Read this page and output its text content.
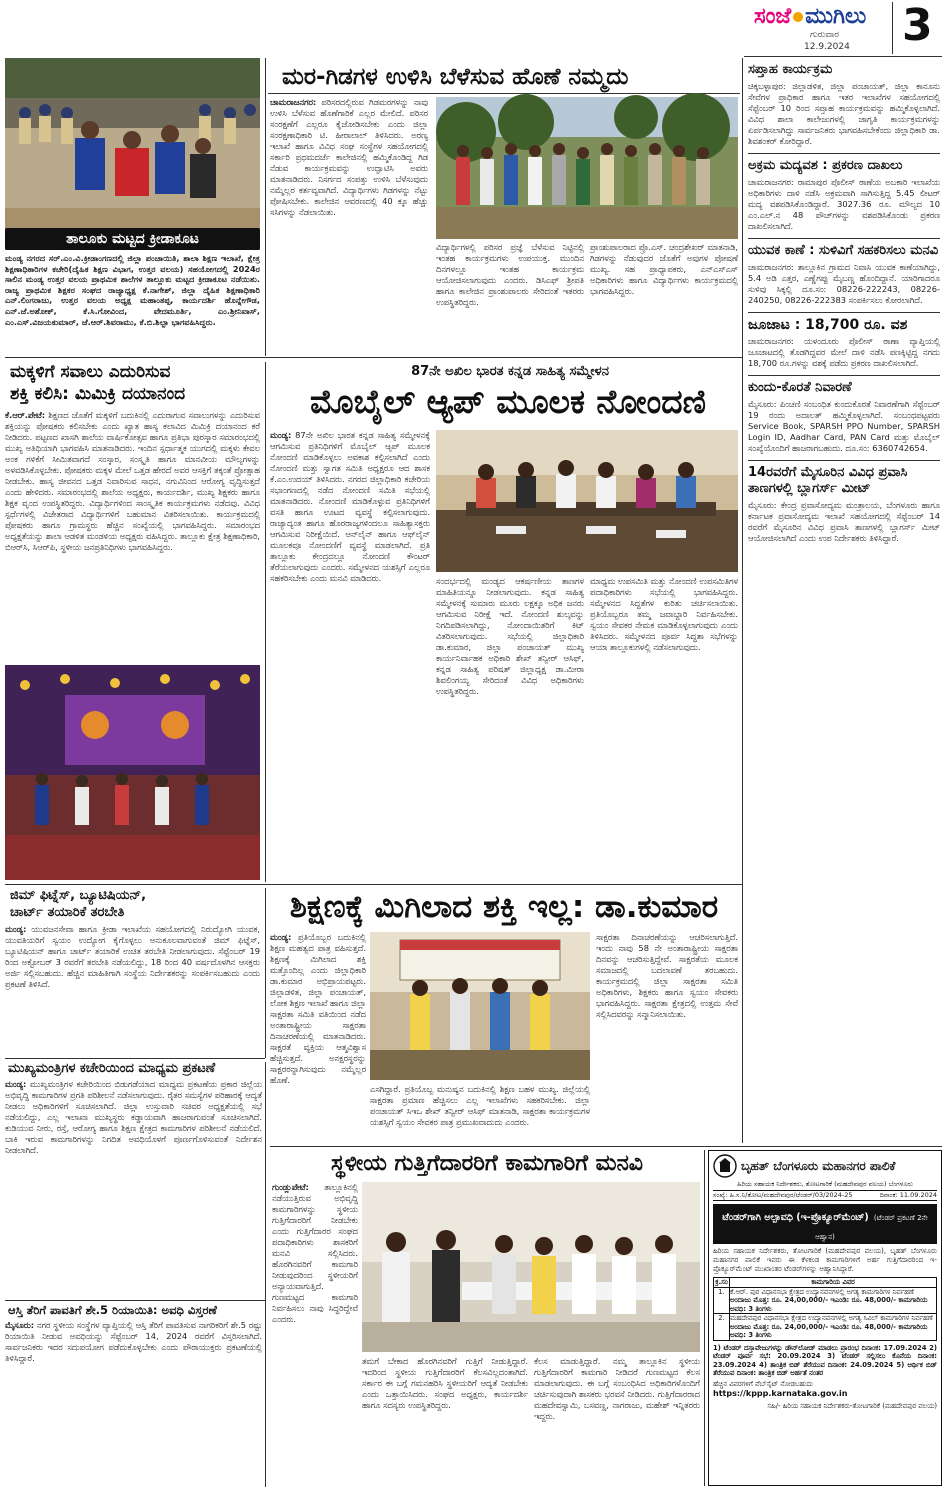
ಸಂಜೆ ಮುಗಿಲು
ಗುರುವಾರ
12.9.2024 3
ತಾಲೂಕು ಮಟ್ಟದ ಕ್ರೀಡಾಕೂಟ
ಮಂಡ್ಯ ನಗರದ ಸರ್.ಎಂ.ವಿ.ಕ್ರೀಡಾಂಗಣದಲ್ಲಿ ಜಿಲ್ಲಾ ಪಂಚಾಯಿತಿ, ಶಾಲಾ ಶಿಕ್ಷಣ ಇಲಾಖೆ, ಕ್ಷೇತ್ರ ಶಿಕ್ಷಣಾಧಿಕಾರಿಗಳ ಕಚೇರಿ(ದೈಹಿಕ ಶಿಕ್ಷಣ ವಿಭಾಗ, ಉತ್ತರ ವಲಯ) ಸಹಯೋಗದಲ್ಲಿ 2024ರ ಸಾಲಿನ ಮಂಡ್ಯ ಉತ್ತರ ವಲಯ ಪ್ರಾಥಮಿಕ ಶಾಲೆಗಳ ತಾಲ್ಲೂಕು ಮಟ್ಟದ ಕ್ರೀಡಾಕೂಟ ನಡೆಯಿತು. ರಾಜ್ಯ ಪ್ರಾಥಮಿಕ ಶಿಕ್ಷಕರ ಸಂಘದ ರಾಜ್ಯಾಧ್ಯಕ್ಷ ಕೆ.ನಾಗೇಶ್, ಜಿಲ್ಲಾ ದೈಹಿಕ ಶಿಕ್ಷಣಾಧಿಕಾರಿ ಎನ್.ಲಿಂಗರಾಜು, ಉತ್ತರ ವಲಯ ಅಧ್ಯಕ್ಷ ಮಹಾಂತಪ್ಪ, ಕಾರ್ಯದರ್ಶಿ ಹೊನ್ನೇಗೌಡ, ಎನ್.ಜೆ.ಅಶೋಕ್, ಕೆ.ಸಿ.ಗೋವಿಂದ, ವೇದಮೂರ್ತಿ, ಎಂ.ಶ್ರೀನಿವಾಸ್, ಎಂ.ಎಸ್.ವಿಜಯಕುಮಾರ್, ಜೆ.ಆರ್.ಶಿವರಾಮು, ಕೆ.ಬಿ.ಶಿಲ್ಪಾ ಭಾಗವಹಿಸಿದ್ದರು.
ಮರ-ಗಿಡಗಳ ಉಳಿಸಿ ಬೆಳೆಸುವ ಹೊಣೆ ನಮ್ಮದು
ಚಾಮರಾಜನಗರ: ಪರಿಸರದಲ್ಲಿರುವ ಗಿಡಮರಗಳನ್ನು ನಾವು ಉಳಿಸಿ ಬೆಳೆಸುವ ಹೊಣೆಗಾರಿಕೆ ಎಲ್ಲರ ಮೇಲಿದೆ. ಪರಿಸರ ಸಂರಕ್ಷಣೆಗೆ ಎಲ್ಲರೂ ಕೈಜೋಡಿಸಬೇಕು ಎಂದು ಜಿಲ್ಲಾ ಸಂರಕ್ಷಣಾಧಿಕಾರಿ ಟಿ. ಹೀರಾಲಾಲ್ ತಿಳಿಸಿದರು. ಅರಣ್ಯ ಇಲಾಖೆ ಹಾಗೂ ವಿವಿಧ ಸಂಘ ಸಂಸ್ಥೆಗಳ ಸಹಯೋಗದಲ್ಲಿ ಸರ್ಕಾರಿ ಪ್ರಥಮದರ್ಜೆ ಕಾಲೇಜಿನಲ್ಲಿ ಹಮ್ಮಿಕೊಂಡಿದ್ದ ಗಿಡ ನೆಡುವ ಕಾರ್ಯಕ್ರಮವನ್ನು ಉದ್ಘಾಟಿಸಿ ಅವರು ಮಾತನಾಡಿದರು. ನಿಸರ್ಗದ ಸಂಪತ್ತು ಉಳಿಸಿ ಬೆಳೆಸುವುದು ನಮ್ಮೆಲ್ಲರ ಕರ್ತವ್ಯವಾಗಿದೆ. ವಿದ್ಯಾರ್ಥಿಗಳು ಗಿಡಗಳನ್ನು ನೆಟ್ಟು ಪೋಷಿಸಬೇಕು. ಕಾಲೇಜಿನ ಆವರಣದಲ್ಲಿ 40 ಕ್ಕೂ ಹೆಚ್ಚು ಸಸಿಗಳನ್ನು ನೆಡಲಾಯಿತು.
ವಿದ್ಯಾರ್ಥಿಗಳಲ್ಲಿ ಪರಿಸರ ಪ್ರಜ್ಞೆ ಬೆಳೆಸುವ ನಿಟ್ಟಿನಲ್ಲಿ ಇಂತಹ ಕಾರ್ಯಕ್ರಮಗಳು ಉಪಯುಕ್ತ. ಮುಂದಿನ ದಿನಗಳಲ್ಲೂ ಇಂತಹ ಕಾರ್ಯಕ್ರಮ ಆಯೋಜಿಸಲಾಗುವುದು ಎಂದರು. ಡಿಸಿಎಫ್ ಶ್ರೀಪತಿ ಹಾಗೂ ಕಾಲೇಜಿನ ಪ್ರಾಂಶುಪಾಲರು ಸೇರಿದಂತೆ ಇತರರು ಉಪಸ್ಥಿತರಿದ್ದರು.
ಪ್ರಾಂಶುಪಾಲರಾದ ಪ್ರೊ.ಎಸ್. ಚಂದ್ರಶೇಖರ್ ಮಾತನಾಡಿ, ಗಿಡಗಳನ್ನು ನೆಡುವುದರ ಜೊತೆಗೆ ಅವುಗಳ ಪೋಷಣೆ ಮುಖ್ಯ. ಸಹ ಪ್ರಾಧ್ಯಾಪಕರು, ಎನ್ಎಸ್ಎಸ್ ಅಧಿಕಾರಿಗಳು ಹಾಗೂ ವಿದ್ಯಾರ್ಥಿಗಳು ಕಾರ್ಯಕ್ರಮದಲ್ಲಿ ಭಾಗವಹಿಸಿದ್ದರು.
ಸಪ್ತಾಹ ಕಾರ್ಯಕ್ರಮ
ಚಿಕ್ಕಬಳ್ಳಾಪುರ: ಜಿಲ್ಲಾಡಳಿತ, ಜಿಲ್ಲಾ ಪಂಚಾಯತ್, ಜಿಲ್ಲಾ ಕಾನೂನು ಸೇವೆಗಳ ಪ್ರಾಧಿಕಾರ ಹಾಗೂ ಇತರ ಇಲಾಖೆಗಳ ಸಹಯೋಗದಲ್ಲಿ ಸೆಪ್ಟೆಂಬರ್ 10 ರಿಂದ ಸಪ್ತಾಹ ಕಾರ್ಯಕ್ರಮವನ್ನು ಹಮ್ಮಿಕೊಳ್ಳಲಾಗಿದೆ. ವಿವಿಧ ಶಾಲಾ ಕಾಲೇಜುಗಳಲ್ಲಿ ಜಾಗೃತಿ ಕಾರ್ಯಕ್ರಮಗಳನ್ನು ಏರ್ಪಡಿಸಲಾಗಿದ್ದು ಸಾರ್ವಜನಿಕರು ಭಾಗವಹಿಸಬೇಕೆಂದು ಜಿಲ್ಲಾಧಿಕಾರಿ ಡಾ. ಶಿವಶಂಕರ್ ಕೋರಿದ್ದಾರೆ.
ಅಕ್ರಮ ಮದ್ಯವಶ : ಪ್ರಕರಣ ದಾಖಲು
ಚಾಮರಾಜನಗರ: ರಾಮಾಪುರ ಪೊಲೀಸ್ ಠಾಣೆಯ ಅಬಕಾರಿ ಇಲಾಖೆಯ ಅಧಿಕಾರಿಗಳು ದಾಳಿ ನಡೆಸಿ ಅಕ್ರಮವಾಗಿ ಸಾಗಿಸುತ್ತಿದ್ದ 5.45 ಲೀಟರ್ ಮದ್ಯ ವಶಪಡಿಸಿಕೊಂಡಿದ್ದಾರೆ. 3027.36 ರೂ. ಮೌಲ್ಯದ 10 ಎಂ.ಎಲ್.ನ 48 ಪೌಚ್‌ಗಳನ್ನು ವಶಪಡಿಸಿಕೊಂಡು ಪ್ರಕರಣ ದಾಖಲಿಸಲಾಗಿದೆ.
ಯುವಕ ಕಾಣೆ : ಸುಳಿವಿಗೆ ಸಹಕರಿಸಲು ಮನವಿ
ಚಾಮರಾಜನಗರ: ತಾಲ್ಲೂಕಿನ ಗ್ರಾಮದ ನಿವಾಸಿ ಯುವಕ ಕಾಣೆಯಾಗಿದ್ದು, 5.4 ಅಡಿ ಎತ್ತರ, ಎಣ್ಣೆಗಪ್ಪು ಮೈಬಣ್ಣ ಹೊಂದಿದ್ದಾನೆ. ಯಾರಿಗಾದರೂ ಸುಳಿವು ಸಿಕ್ಕಲ್ಲಿ ದೂ.ಸಂ: 08226-222243, 08226-240250, 08226-222383 ಸಂಪರ್ಕಿಸಲು ಕೋರಲಾಗಿದೆ.
ಜೂಜಾಟ : 18,700 ರೂ. ವಶ
ಚಾಮರಾಜನಗರ: ಯಳಂದೂರು ಪೊಲೀಸ್ ಠಾಣಾ ವ್ಯಾಪ್ತಿಯಲ್ಲಿ ಜೂಜಾಟದಲ್ಲಿ ತೊಡಗಿದ್ದವರ ಮೇಲೆ ದಾಳಿ ನಡೆಸಿ ಪಣಕ್ಕಿಟ್ಟಿದ್ದ ನಗದು 18,700 ರೂ.ಗಳನ್ನು ವಶಕ್ಕೆ ಪಡೆದು ಪ್ರಕರಣ ದಾಖಲಿಸಲಾಗಿದೆ.
ಕುಂದು-ಕೊರತೆ ನಿವಾರಣೆ
ಮೈಸೂರು: ಪಿಂಚಣಿ ಸಂಬಂಧಿತ ಕುಂದುಕೊರತೆ ನಿವಾರಣೆಗಾಗಿ ಸೆಪ್ಟೆಂಬರ್ 19 ರಂದು ಅದಾಲತ್ ಹಮ್ಮಿಕೊಳ್ಳಲಾಗಿದೆ. ಸಂಬಂಧಪಟ್ಟವರು Service Book, SPARSH PPO Number, SPARSH Login ID, Aadhar Card, PAN Card ಮತ್ತು ಮೊಬೈಲ್ ಸಂಖ್ಯೆಯೊಂದಿಗೆ ಹಾಜರಾಗಬಹುದು. ದೂ.ಸಂ: 6360742654.
14ರವರೆಗೆ ಮೈಸೂರಿನ ವಿವಿಧ ಪ್ರವಾಸಿ ತಾಣಗಳಲ್ಲಿ ಬ್ಲಾಗರ್ಸ್ ಮೀಟ್
ಮೈಸೂರು: ಕೇಂದ್ರ ಪ್ರವಾಸೋದ್ಯಮ ಮಂತ್ರಾಲಯ, ಬೆಂಗಳೂರು ಹಾಗೂ ಕರ್ನಾಟಕ ಪ್ರವಾಸೋದ್ಯಮ ಇಲಾಖೆ ಸಹಯೋಗದಲ್ಲಿ ಸೆಪ್ಟೆಂಬರ್ 14 ರವರೆಗೆ ಮೈಸೂರಿನ ವಿವಿಧ ಪ್ರವಾಸಿ ತಾಣಗಳಲ್ಲಿ ಬ್ಲಾಗರ್ಸ್ ಮೀಟ್ ಆಯೋಜಿಸಲಾಗಿದೆ ಎಂದು ಉಪ ನಿರ್ದೇಶಕರು ತಿಳಿಸಿದ್ದಾರೆ.
ಮಕ್ಕಳಿಗೆ ಸವಾಲು ಎದುರಿಸುವ
ಶಕ್ತಿ ಕಲಿಸಿ: ಮಿಮಿಕ್ರಿ ದಯಾನಂದ
ಕೆ.ಆರ್.ಪೇಟೆ: ಶಿಕ್ಷಣದ ಜೊತೆಗೆ ಮಕ್ಕಳಿಗೆ ಬದುಕಿನಲ್ಲಿ ಎದುರಾಗುವ ಸವಾಲುಗಳನ್ನು ಎದುರಿಸುವ ಶಕ್ತಿಯನ್ನು ಪೋಷಕರು ಕಲಿಸಬೇಕು ಎಂದು ಖ್ಯಾತ ಹಾಸ್ಯ ಕಲಾವಿದ ಮಿಮಿಕ್ರಿ ದಯಾನಂದ ಕರೆ ನೀಡಿದರು. ಪಟ್ಟಣದ ಖಾಸಗಿ ಶಾಲೆಯ ವಾರ್ಷಿಕೋತ್ಸವ ಹಾಗೂ ಪ್ರತಿಭಾ ಪುರಸ್ಕಾರ ಸಮಾರಂಭದಲ್ಲಿ ಮುಖ್ಯ ಅತಿಥಿಯಾಗಿ ಭಾಗವಹಿಸಿ ಮಾತನಾಡಿದರು. ಇಂದಿನ ಸ್ಪರ್ಧಾತ್ಮಕ ಯುಗದಲ್ಲಿ ಮಕ್ಕಳು ಕೇವಲ ಅಂಕ ಗಳಿಕೆಗೆ ಸೀಮಿತವಾಗದೆ ಸಂಸ್ಕಾರ, ಸಂಸ್ಕೃತಿ ಹಾಗೂ ಮಾನವೀಯ ಮೌಲ್ಯಗಳನ್ನು ಅಳವಡಿಸಿಕೊಳ್ಳಬೇಕು. ಪೋಷಕರು ಮಕ್ಕಳ ಮೇಲೆ ಒತ್ತಡ ಹೇರದೆ ಅವರ ಆಸಕ್ತಿಗೆ ತಕ್ಕಂತೆ ಪ್ರೋತ್ಸಾಹ ನೀಡಬೇಕು. ಹಾಸ್ಯ ಜೀವನದ ಒತ್ತಡ ನಿವಾರಿಸುವ ಸಾಧನ, ನಗುವಿನಿಂದ ಆರೋಗ್ಯ ವೃದ್ಧಿಸುತ್ತದೆ ಎಂದು ಹೇಳಿದರು. ಸಮಾರಂಭದಲ್ಲಿ ಶಾಲೆಯ ಅಧ್ಯಕ್ಷರು, ಕಾರ್ಯದರ್ಶಿ, ಮುಖ್ಯ ಶಿಕ್ಷಕರು ಹಾಗೂ ಶಿಕ್ಷಕ ವೃಂದ ಉಪಸ್ಥಿತರಿದ್ದರು. ವಿದ್ಯಾರ್ಥಿಗಳಿಂದ ಸಾಂಸ್ಕೃತಿಕ ಕಾರ್ಯಕ್ರಮಗಳು ನಡೆದವು. ವಿವಿಧ ಸ್ಪರ್ಧೆಗಳಲ್ಲಿ ವಿಜೇತರಾದ ವಿದ್ಯಾರ್ಥಿಗಳಿಗೆ ಬಹುಮಾನ ವಿತರಿಸಲಾಯಿತು. ಕಾರ್ಯಕ್ರಮದಲ್ಲಿ ಪೋಷಕರು ಹಾಗೂ ಗ್ರಾಮಸ್ಥರು ಹೆಚ್ಚಿನ ಸಂಖ್ಯೆಯಲ್ಲಿ ಭಾಗವಹಿಸಿದ್ದರು. ಸಮಾರಂಭದ ಅಧ್ಯಕ್ಷತೆಯನ್ನು ಶಾಲಾ ಆಡಳಿತ ಮಂಡಳಿಯ ಅಧ್ಯಕ್ಷರು ವಹಿಸಿದ್ದರು. ತಾಲ್ಲೂಕು ಕ್ಷೇತ್ರ ಶಿಕ್ಷಣಾಧಿಕಾರಿ, ಬಿಆರ್‌ಸಿ, ಸಿಆರ್‌ಪಿ, ಸ್ಥಳೀಯ ಜನಪ್ರತಿನಿಧಿಗಳು ಭಾಗವಹಿಸಿದ್ದರು.
87ನೇ ಅಖಿಲ ಭಾರತ ಕನ್ನಡ ಸಾಹಿತ್ಯ ಸಮ್ಮೇಳನ
ಮೊಬೈಲ್ ಆ್ಯಪ್ ಮೂಲಕ ನೋಂದಣಿ
ಮಂಡ್ಯ: 87ನೇ ಅಖಿಲ ಭಾರತ ಕನ್ನಡ ಸಾಹಿತ್ಯ ಸಮ್ಮೇಳನಕ್ಕೆ ಆಗಮಿಸುವ ಪ್ರತಿನಿಧಿಗಳಿಗೆ ಮೊಬೈಲ್ ಆ್ಯಪ್ ಮೂಲಕ ನೋಂದಣಿ ಮಾಡಿಕೊಳ್ಳಲು ಅವಕಾಶ ಕಲ್ಪಿಸಲಾಗಿದೆ ಎಂದು ನೋಂದಣಿ ಮತ್ತು ಸ್ವಾಗತ ಸಮಿತಿ ಅಧ್ಯಕ್ಷರೂ ಆದ ಶಾಸಕ ಕೆ.ಎಂ.ಉದಯ್ ತಿಳಿಸಿದರು. ನಗರದ ಜಿಲ್ಲಾಧಿಕಾರಿ ಕಚೇರಿಯ ಸಭಾಂಗಣದಲ್ಲಿ ನಡೆದ ನೋಂದಣಿ ಸಮಿತಿ ಸಭೆಯಲ್ಲಿ ಮಾತನಾಡಿದರು. ನೋಂದಣಿ ಮಾಡಿಕೊಳ್ಳುವ ಪ್ರತಿನಿಧಿಗಳಿಗೆ ವಸತಿ ಹಾಗೂ ಊಟದ ವ್ಯವಸ್ಥೆ ಕಲ್ಪಿಸಲಾಗುವುದು. ರಾಜ್ಯಾದ್ಯಂತ ಹಾಗೂ ಹೊರರಾಜ್ಯಗಳಿಂದಲೂ ಸಾಹಿತ್ಯಾಸಕ್ತರು ಆಗಮಿಸುವ ನಿರೀಕ್ಷೆಯಿದೆ. ಆನ್‌ಲೈನ್ ಹಾಗೂ ಆಫ್‌ಲೈನ್ ಮೂಲಕವೂ ನೋಂದಣಿಗೆ ವ್ಯವಸ್ಥೆ ಮಾಡಲಾಗಿದೆ. ಪ್ರತಿ ತಾಲ್ಲೂಕು ಕೇಂದ್ರದಲ್ಲೂ ನೋಂದಣಿ ಕೌಂಟರ್ ತೆರೆಯಲಾಗುವುದು ಎಂದರು. ಸಮ್ಮೇಳನದ ಯಶಸ್ಸಿಗೆ ಎಲ್ಲರೂ ಸಹಕರಿಸಬೇಕು ಎಂದು ಮನವಿ ಮಾಡಿದರು.	ಸಂದರ್ಭದಲ್ಲಿ ಮಂಡ್ಯದ ಆಕರ್ಷಣೀಯ ತಾಣಗಳ ಮಾಹಿತಿಯನ್ನೂ ನೀಡಲಾಗುವುದು. ಕನ್ನಡ ಸಾಹಿತ್ಯ ಸಮ್ಮೇಳನಕ್ಕೆ ಸುಮಾರು ಮೂರು ಲಕ್ಷಕ್ಕೂ ಅಧಿಕ ಜನರು ಆಗಮಿಸುವ ನಿರೀಕ್ಷೆ ಇದೆ. ನೋಂದಣಿ ಶುಲ್ಕವನ್ನು ನಿಗದಿಪಡಿಸಲಾಗಿದ್ದು, ನೋಂದಾಯಿತರಿಗೆ ಕಿಟ್ ವಿತರಿಸಲಾಗುವುದು. ಸಭೆಯಲ್ಲಿ ಜಿಲ್ಲಾಧಿಕಾರಿ ಡಾ.ಕುಮಾರ, ಜಿಲ್ಲಾ ಪಂಚಾಯತ್ ಮುಖ್ಯ ಕಾರ್ಯನಿರ್ವಾಹಕ ಅಧಿಕಾರಿ ಶೇಖ್ ತನ್ವೀರ್ ಆಸಿಫ್, ಕನ್ನಡ ಸಾಹಿತ್ಯ ಪರಿಷತ್ ಜಿಲ್ಲಾಧ್ಯಕ್ಷ ಡಾ.ಮೀರಾ ಶಿವಲಿಂಗಯ್ಯ ಸೇರಿದಂತೆ ವಿವಿಧ ಅಧಿಕಾರಿಗಳು ಉಪಸ್ಥಿತರಿದ್ದರು.
ಮಾಧ್ಯಮ ಉಪಸಮಿತಿ ಮತ್ತು ನೋಂದಣಿ ಉಪಸಮಿತಿಗಳ ಪದಾಧಿಕಾರಿಗಳು ಸಭೆಯಲ್ಲಿ ಭಾಗವಹಿಸಿದ್ದರು. ಸಮ್ಮೇಳನದ ಸಿದ್ಧತೆಗಳ ಕುರಿತು ಚರ್ಚಿಸಲಾಯಿತು. ಪ್ರತಿಯೊಬ್ಬರೂ ತಮ್ಮ ಜವಾಬ್ದಾರಿ ನಿರ್ವಹಿಸಬೇಕು. ಸ್ವಯಂ ಸೇವಕರ ನೇಮಕ ಮಾಡಿಕೊಳ್ಳಲಾಗುವುದು ಎಂದು ತಿಳಿಸಿದರು. ಸಮ್ಮೇಳನದ ಪೂರ್ವ ಸಿದ್ಧತಾ ಸಭೆಗಳನ್ನು ಆಯಾ ತಾಲ್ಲೂಕುಗಳಲ್ಲಿ ನಡೆಸಲಾಗುವುದು.
ಜಿಮ್ ಫಿಟ್ನೆಸ್, ಬ್ಯೂಟಿಷಿಯನ್,
ಚಾರ್ಟ್ ತಯಾರಿಕೆ ತರಬೇತಿ
ಮಂಡ್ಯ: ಯುವಜನಸೇವಾ ಹಾಗೂ ಕ್ರೀಡಾ ಇಲಾಖೆಯ ಸಹಯೋಗದಲ್ಲಿ ನಿರುದ್ಯೋಗಿ ಯುವಕ, ಯುವತಿಯರಿಗೆ ಸ್ವಯಂ ಉದ್ಯೋಗ ಕೈಗೊಳ್ಳಲು ಅನುಕೂಲವಾಗುವಂತೆ ಜಿಮ್ ಫಿಟ್ನೆಸ್, ಬ್ಯೂಟಿಷಿಯನ್ ಹಾಗೂ ಚಾರ್ಟ್ ತಯಾರಿಕೆ ಉಚಿತ ತರಬೇತಿ ನೀಡಲಾಗುವುದು. ಸೆಪ್ಟೆಂಬರ್ 19 ರಿಂದ ಅಕ್ಟೋಬರ್ 3 ರವರೆಗೆ ತರಬೇತಿ ನಡೆಯಲಿದ್ದು, 18 ರಿಂದ 40 ವರ್ಷದೊಳಗಿನ ಆಸಕ್ತರು ಅರ್ಜಿ ಸಲ್ಲಿಸಬಹುದು. ಹೆಚ್ಚಿನ ಮಾಹಿತಿಗಾಗಿ ಸಂಸ್ಥೆಯ ನಿರ್ದೇಶಕರನ್ನು ಸಂಪರ್ಕಿಸಬಹುದು ಎಂದು ಪ್ರಕಟಣೆ ತಿಳಿಸಿದೆ.
ಶಿಕ್ಷಣಕ್ಕೆ ಮಿಗಿಲಾದ ಶಕ್ತಿ ಇಲ್ಲ: ಡಾ.ಕುಮಾರ
ಮಂಡ್ಯ: ಪ್ರತಿಯೊಬ್ಬರ ಬದುಕಿನಲ್ಲಿ ಶಿಕ್ಷಣ ಮಹತ್ವದ ಪಾತ್ರ ವಹಿಸುತ್ತದೆ. ಶಿಕ್ಷಣಕ್ಕೆ ಮಿಗಿಲಾದ ಶಕ್ತಿ ಮತ್ತೊಂದಿಲ್ಲ ಎಂದು ಜಿಲ್ಲಾಧಿಕಾರಿ ಡಾ.ಕುಮಾರ ಅಭಿಪ್ರಾಯಪಟ್ಟರು. ಜಿಲ್ಲಾಡಳಿತ, ಜಿಲ್ಲಾ ಪಂಚಾಯತ್, ಲೋಕ ಶಿಕ್ಷಣ ಇಲಾಖೆ ಹಾಗೂ ಜಿಲ್ಲಾ ಸಾಕ್ಷರತಾ ಸಮಿತಿ ವತಿಯಿಂದ ನಡೆದ ಅಂತಾರಾಷ್ಟ್ರೀಯ ಸಾಕ್ಷರತಾ ದಿನಾಚರಣೆಯಲ್ಲಿ ಮಾತನಾಡಿದರು. ಸಾಕ್ಷರತೆ ವ್ಯಕ್ತಿಯ ಆತ್ಮವಿಶ್ವಾಸ ಹೆಚ್ಚಿಸುತ್ತದೆ. ಅನಕ್ಷರಸ್ಥರನ್ನು ಸಾಕ್ಷರರನ್ನಾಗಿಸುವುದು ನಮ್ಮೆಲ್ಲರ ಹೊಣೆ.
ಎಸಗಿದ್ದಾರೆ. ಪ್ರತಿಯೊಬ್ಬ ಮನುಷ್ಯನ ಬದುಕಿನಲ್ಲಿ ಶಿಕ್ಷಣ ಬಹಳ ಮುಖ್ಯ. ಜಿಲ್ಲೆಯಲ್ಲಿ ಸಾಕ್ಷರತಾ ಪ್ರಮಾಣ ಹೆಚ್ಚಿಸಲು ಎಲ್ಲ ಇಲಾಖೆಗಳು ಸಹಕರಿಸಬೇಕು. ಜಿಲ್ಲಾ ಪಂಚಾಯತ್ ಸಿಇಒ ಶೇಖ್ ತನ್ವೀರ್ ಆಸಿಫ್ ಮಾತನಾಡಿ, ಸಾಕ್ಷರತಾ ಕಾರ್ಯಕ್ರಮಗಳ ಯಶಸ್ಸಿಗೆ ಸ್ವಯಂ ಸೇವಕರ ಪಾತ್ರ ಪ್ರಮುಖವಾದುದು ಎಂದರು.
ಸಾಕ್ಷರತಾ ದಿನಾಚರಣೆಯನ್ನು ಆಚರಿಸಲಾಗುತ್ತಿದೆ. ಇಂದು ನಾವು 58 ನೇ ಅಂತಾರಾಷ್ಟ್ರೀಯ ಸಾಕ್ಷರತಾ ದಿನವನ್ನು ಆಚರಿಸುತ್ತಿದ್ದೇವೆ. ಸಾಕ್ಷರತೆಯ ಮೂಲಕ ಸಮಾಜದಲ್ಲಿ ಬದಲಾವಣೆ ತರಬಹುದು. ಕಾರ್ಯಕ್ರಮದಲ್ಲಿ ಜಿಲ್ಲಾ ಸಾಕ್ಷರತಾ ಸಮಿತಿ ಅಧಿಕಾರಿಗಳು, ಶಿಕ್ಷಕರು ಹಾಗೂ ಸ್ವಯಂ ಸೇವಕರು ಭಾಗವಹಿಸಿದ್ದರು. ಸಾಕ್ಷರತಾ ಕ್ಷೇತ್ರದಲ್ಲಿ ಉತ್ತಮ ಸೇವೆ ಸಲ್ಲಿಸಿದವರನ್ನು ಸನ್ಮಾನಿಸಲಾಯಿತು.
ಮುಖ್ಯಮಂತ್ರಿಗಳ ಕಚೇರಿಯಿಂದ ಮಾಧ್ಯಮ ಪ್ರಕಟಣೆ
ಮಂಡ್ಯ: ಮುಖ್ಯಮಂತ್ರಿಗಳ ಕಚೇರಿಯಿಂದ ಬಿಡುಗಡೆಯಾದ ಮಾಧ್ಯಮ ಪ್ರಕಟಣೆಯ ಪ್ರಕಾರ ಜಿಲ್ಲೆಯ ಅಭಿವೃದ್ಧಿ ಕಾಮಗಾರಿಗಳ ಪ್ರಗತಿ ಪರಿಶೀಲನೆ ನಡೆಸಲಾಗುವುದು. ರೈತರ ಸಮಸ್ಯೆಗಳ ಪರಿಹಾರಕ್ಕೆ ಆದ್ಯತೆ ನೀಡಲು ಅಧಿಕಾರಿಗಳಿಗೆ ಸೂಚಿಸಲಾಗಿದೆ. ಜಿಲ್ಲಾ ಉಸ್ತುವಾರಿ ಸಚಿವರ ಅಧ್ಯಕ್ಷತೆಯಲ್ಲಿ ಸಭೆ ನಡೆಯಲಿದ್ದು, ಎಲ್ಲ ಇಲಾಖಾ ಮುಖ್ಯಸ್ಥರು ಕಡ್ಡಾಯವಾಗಿ ಹಾಜರಾಗುವಂತೆ ಸೂಚಿಸಲಾಗಿದೆ. ಕುಡಿಯುವ ನೀರು, ರಸ್ತೆ, ಆರೋಗ್ಯ ಹಾಗೂ ಶಿಕ್ಷಣ ಕ್ಷೇತ್ರದ ಕಾಮಗಾರಿಗಳ ಪರಿಶೀಲನೆ ನಡೆಯಲಿದೆ. ಬಾಕಿ ಇರುವ ಕಾಮಗಾರಿಗಳನ್ನು ನಿಗದಿತ ಅವಧಿಯೊಳಗೆ ಪೂರ್ಣಗೊಳಿಸುವಂತೆ ನಿರ್ದೇಶನ ನೀಡಲಾಗಿದೆ.
ಆಸ್ತಿ ತೆರಿಗೆ ಪಾವತಿಗೆ ಶೇ.5 ರಿಯಾಯಿತಿ: ಅವಧಿ ವಿಸ್ತರಣೆ
ಮೈಸೂರು: ನಗರ ಸ್ಥಳೀಯ ಸಂಸ್ಥೆಗಳ ವ್ಯಾಪ್ತಿಯಲ್ಲಿ ಆಸ್ತಿ ತೆರಿಗೆ ಪಾವತಿಸುವ ನಾಗರಿಕರಿಗೆ ಶೇ.5 ರಷ್ಟು ರಿಯಾಯಿತಿ ನೀಡುವ ಅವಧಿಯನ್ನು ಸೆಪ್ಟೆಂಬರ್ 14, 2024 ರವರೆಗೆ ವಿಸ್ತರಿಸಲಾಗಿದೆ. ಸಾರ್ವಜನಿಕರು ಇದರ ಸದುಪಯೋಗ ಪಡೆದುಕೊಳ್ಳಬೇಕು ಎಂದು ಪೌರಾಯುಕ್ತರು ಪ್ರಕಟಣೆಯಲ್ಲಿ ತಿಳಿಸಿದ್ದಾರೆ.
ಸ್ಥಳೀಯ ಗುತ್ತಿಗೆದಾರರಿಗೆ ಕಾಮಗಾರಿಗೆ ಮನವಿ
ಗುಂಡ್ಲುಪೇಟೆ: ತಾಲ್ಲೂಕಿನಲ್ಲಿ ನಡೆಯುತ್ತಿರುವ ಅಭಿವೃದ್ಧಿ ಕಾಮಗಾರಿಗಳನ್ನು ಸ್ಥಳೀಯ ಗುತ್ತಿಗೆದಾರರಿಗೆ ನೀಡಬೇಕು ಎಂದು ಗುತ್ತಿಗೆದಾರರ ಸಂಘದ ಪದಾಧಿಕಾರಿಗಳು ಶಾಸಕರಿಗೆ ಮನವಿ ಸಲ್ಲಿಸಿದರು. ಹೊರಗಿನವರಿಗೆ ಕಾಮಗಾರಿ ನೀಡುವುದರಿಂದ ಸ್ಥಳೀಯರಿಗೆ ಅನ್ಯಾಯವಾಗುತ್ತಿದೆ. ಗುಣಮಟ್ಟದ ಕಾಮಗಾರಿ ನಿರ್ವಹಿಸಲು ನಾವು ಸಿದ್ಧರಿದ್ದೇವೆ ಎಂದರು.
ತಮಗೆ ಬೇಕಾದ ಹೊರಗಿನವರಿಗೆ ಗುತ್ತಿಗೆ ನೀಡುತ್ತಿದ್ದಾರೆ. ಇದರಿಂದ ಸ್ಥಳೀಯ ಗುತ್ತಿಗೆದಾರರಿಗೆ ಕೆಲಸವಿಲ್ಲದಂತಾಗಿದೆ. ಸರ್ಕಾರ ಈ ಬಗ್ಗೆ ಗಮನಹರಿಸಿ ಸ್ಥಳೀಯರಿಗೆ ಆದ್ಯತೆ ನೀಡಬೇಕು ಎಂದು ಒತ್ತಾಯಿಸಿದರು. ಸಂಘದ ಅಧ್ಯಕ್ಷರು, ಕಾರ್ಯದರ್ಶಿ ಹಾಗೂ ಸದಸ್ಯರು ಉಪಸ್ಥಿತರಿದ್ದರು.
ಕೆಲಸ ಮಾಡುತ್ತಿದ್ದಾರೆ. ನಮ್ಮ ತಾಲ್ಲೂಕಿನ ಸ್ಥಳೀಯ ಗುತ್ತಿಗೆದಾರರಿಗೆ ಕಾಮಗಾರಿ ನೀಡಿದರೆ ಗುಣಮಟ್ಟದ ಕೆಲಸ ಮಾಡಲಾಗುವುದು. ಈ ಬಗ್ಗೆ ಸಂಬಂಧಿಸಿದ ಅಧಿಕಾರಿಗಳೊಂದಿಗೆ ಚರ್ಚಿಸುವುದಾಗಿ ಶಾಸಕರು ಭರವಸೆ ನೀಡಿದರು. ಗುತ್ತಿಗೆದಾರರಾದ ಮಹದೇವಸ್ವಾಮಿ, ಬಸವಣ್ಣ, ನಾಗರಾಜು, ಮಹೇಶ್ ಇನ್ನಿತರರು ಇದ್ದರು.
ಬೃಹತ್ ಬೆಂಗಳೂರು ಮಹಾನಗರ ಪಾಲಿಕೆ
ಹಿರಿಯ ಸಹಾಯಕ ನಿರ್ದೇಶಕರು, ತೋಟಗಾರಿಕೆ (ಮಹದೇವಪುರ ವಲಯ) ಬೆಂಗಳೂರು
ಸಂಖ್ಯೆ: ಹಿ.ಸ.ನಿ/ತೋಟ/ಮಹದೇವಪುರ/ಟೆಂಡರ್/03/2024-25	ದಿನಾಂಕ: 11.09.2024
ಟೆಂಡರ್‌ಗಾಗಿ ಅಲ್ಪಾವಧಿ (ಇ-ಪ್ರೊಕ್ಯೂರ್‌ಮೆಂಟ್) (ಟೆಂಡರ್ ಪ್ರಕಟಣೆ 2ನೇ ಆಹ್ವಾನ)
ಹಿರಿಯ ಸಹಾಯಕ ನಿರ್ದೇಶಕರು, ತೋಟಗಾರಿಕೆ (ಮಹದೇವಪುರ ವಲಯ), ಬೃಹತ್ ಬೆಂಗಳೂರು ಮಹಾನಗರ ಪಾಲಿಕೆ ಇವರು ಈ ಕೆಳಕಂಡ ಕಾಮಗಾರಿಗಳಿಗೆ ಅರ್ಹ ಗುತ್ತಿಗೆದಾರರಿಂದ ಇ-ಪ್ರೊಕ್ಯೂರ್‌ಮೆಂಟ್ ಮುಖಾಂತರ ಟೆಂಡರ್‌ಗಳನ್ನು ಆಹ್ವಾನಿಸಿದ್ದಾರೆ.
ಕ್ರ.ಸಂ	ಕಾಮಗಾರಿಯ ವಿವರ
1.	ಕೆ.ಆರ್. ಪುರ ವಿಧಾನಸಭಾ ಕ್ಷೇತ್ರದ ಉದ್ಯಾನವನಗಳಲ್ಲಿ ಅಗತ್ಯ ಕಾಮಗಾರಿಗಳ ನಿರ್ವಹಣೆ
ಅಂದಾಜು ಮೊತ್ತ: ರೂ. 24,00,000/- ಇಎಂಡಿ: ರೂ. 48,000/- ಕಾಮಗಾರಿಯ ಅವಧಿ: 3 ತಿಂಗಳು

2.	ಮಹದೇವಪುರ ವಿಧಾನಸಭಾ ಕ್ಷೇತ್ರದ ಉದ್ಯಾನವನಗಳಲ್ಲಿ ಅಗತ್ಯ ಸಿವಿಲ್ ಕಾಮಗಾರಿಗಳ ನಿರ್ವಹಣೆ
ಅಂದಾಜು ಮೊತ್ತ: ರೂ. 24,00,000/- ಇಎಂಡಿ: ರೂ. 48,000/- ಕಾಮಗಾರಿಯ ಅವಧಿ: 3 ತಿಂಗಳು
1) ಟೆಂಡರ್ ದಸ್ತಾವೇಜುಗಳನ್ನು ಡೌನ್‌ಲೋಡ್ ಮಾಡಲು ಪ್ರಾರಂಭ ದಿನಾಂಕ: 17.09.2024 2) ಟೆಂಡರ್ ಪೂರ್ವ ಸಭೆ: 20.09.2024 3) ಟೆಂಡರ್ ಸಲ್ಲಿಸಲು ಕೊನೆಯ ದಿನಾಂಕ: 23.09.2024 4) ತಾಂತ್ರಿಕ ಬಿಡ್ ತೆರೆಯುವ ದಿನಾಂಕ: 24.09.2024 5) ಆರ್ಥಿಕ ಬಿಡ್ ತೆರೆಯುವ ದಿನಾಂಕ: ತಾಂತ್ರಿಕ ಬಿಡ್ ಅರ್ಹತೆ ನಂತರ
ಹೆಚ್ಚಿನ ವಿವರಗಳಿಗೆ ವೆಬ್‌ಸೈಟ್ ನೋಡಬಹುದು https://kppp.karnataka.gov.in
ಸಹಿ/- ಹಿರಿಯ ಸಹಾಯಕ ನಿರ್ದೇಶಕರು-ತೋಟಗಾರಿಕೆ (ಮಹದೇವಪುರ ವಲಯ)
